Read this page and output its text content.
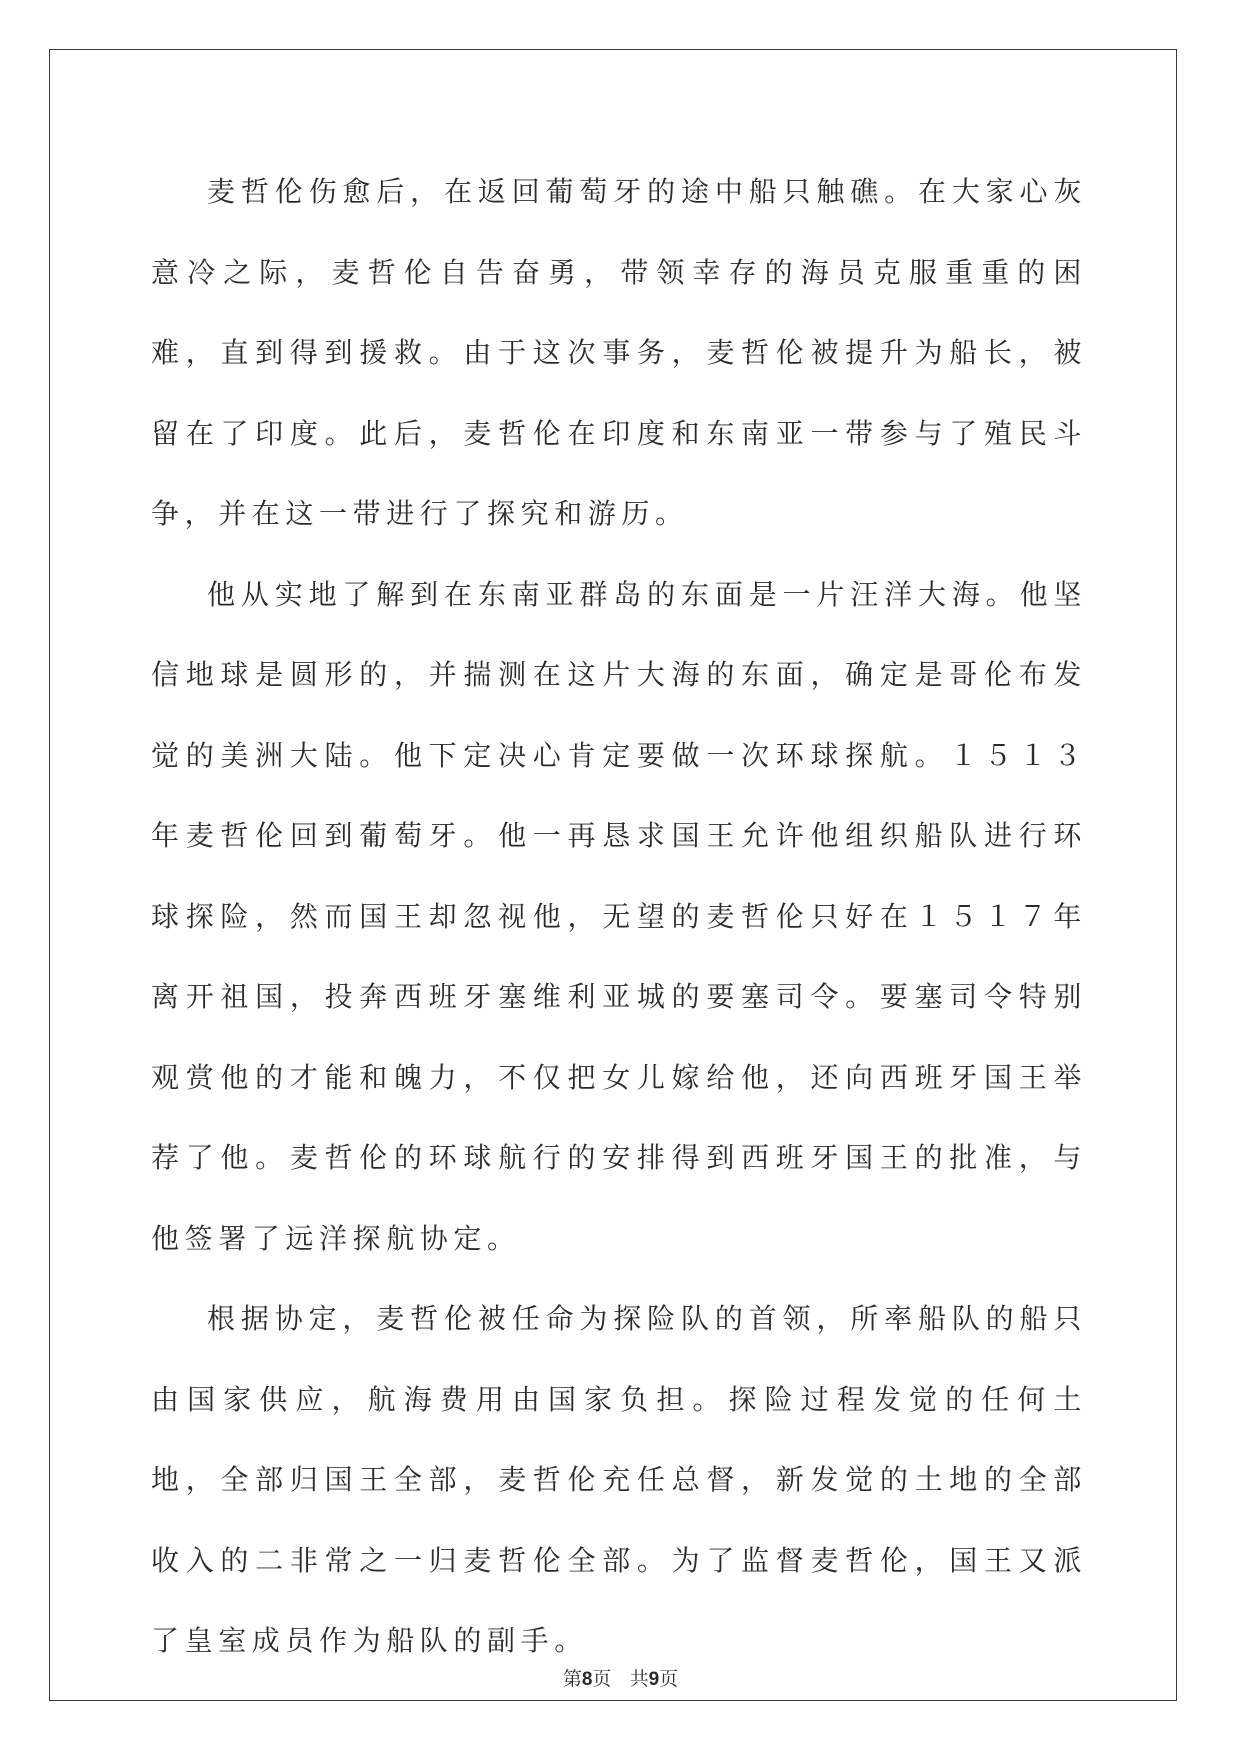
麦哲伦伤愈后，在返回葡萄牙的途中船只触礁。在大家心灰意冷之际，麦哲伦自告奋勇，带领幸存的海员克服重重的困难，直到得到援救。由于这次事务，麦哲伦被提升为船长，被留在了印度。此后，麦哲伦在印度和东南亚一带参与了殖民斗争，并在这一带进行了探究和游历。

他从实地了解到在东南亚群岛的东面是一片汪洋大海。他坚信地球是圆形的，并揣测在这片大海的东面，确定是哥伦布发觉的美洲大陆。他下定决心肯定要做一次环球探航。１５１３年麦哲伦回到葡萄牙。他一再恳求国王允许他组织船队进行环球探险，然而国王却忽视他，无望的麦哲伦只好在１５１７年离开祖国，投奔西班牙塞维利亚城的要塞司令。要塞司令特别观赏他的才能和魄力，不仅把女儿嫁给他，还向西班牙国王举荐了他。麦哲伦的环球航行的安排得到西班牙国王的批准，与他签署了远洋探航协定。

根据协定，麦哲伦被任命为探险队的首领，所率船队的船只由国家供应，航海费用由国家负担。探险过程发觉的任何土地，全部归国王全部，麦哲伦充任总督，新发觉的土地的全部收入的二非常之一归麦哲伦全部。为了监督麦哲伦，国王又派了皇室成员作为船队的副手。

第8页 共9页
